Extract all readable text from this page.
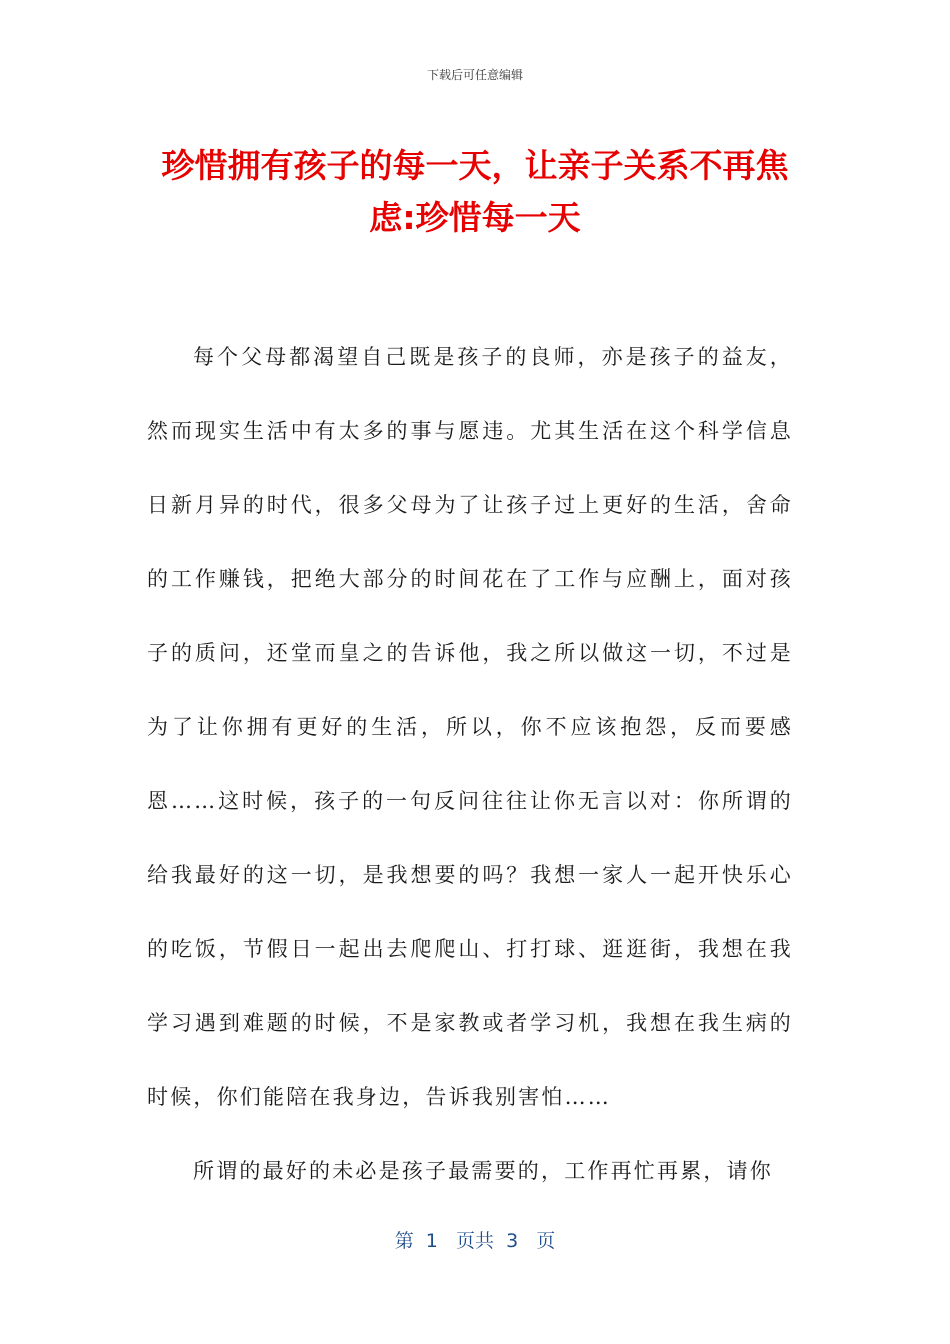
下载后可任意编辑
珍惜拥有孩子的每一天，让亲子关系不再焦虑:珍惜每一天

每个父母都渴望自己既是孩子的良师，亦是孩子的益友，然而现实生活中有太多的事与愿违。尤其生活在这个科学信息日新月异的时代，很多父母为了让孩子过上更好的生活，舍命的工作赚钱，把绝大部分的时间花在了工作与应酬上，面对孩子的质问，还堂而皇之的告诉他，我之所以做这一切，不过是为了让你拥有更好的生活，所以，你不应该抱怨，反而要感恩……这时候，孩子的一句反问往往让你无言以对：你所谓的给我最好的这一切，是我想要的吗？我想一家人一起开快乐心的吃饭，节假日一起出去爬爬山、打打球、逛逛街，我想在我学习遇到难题的时候，不是家教或者学习机，我想在我生病的时候，你们能陪在我身边，告诉我别害怕……

所谓的最好的未必是孩子最需要的，工作再忙再累，请你

第  1   页共  3   页
